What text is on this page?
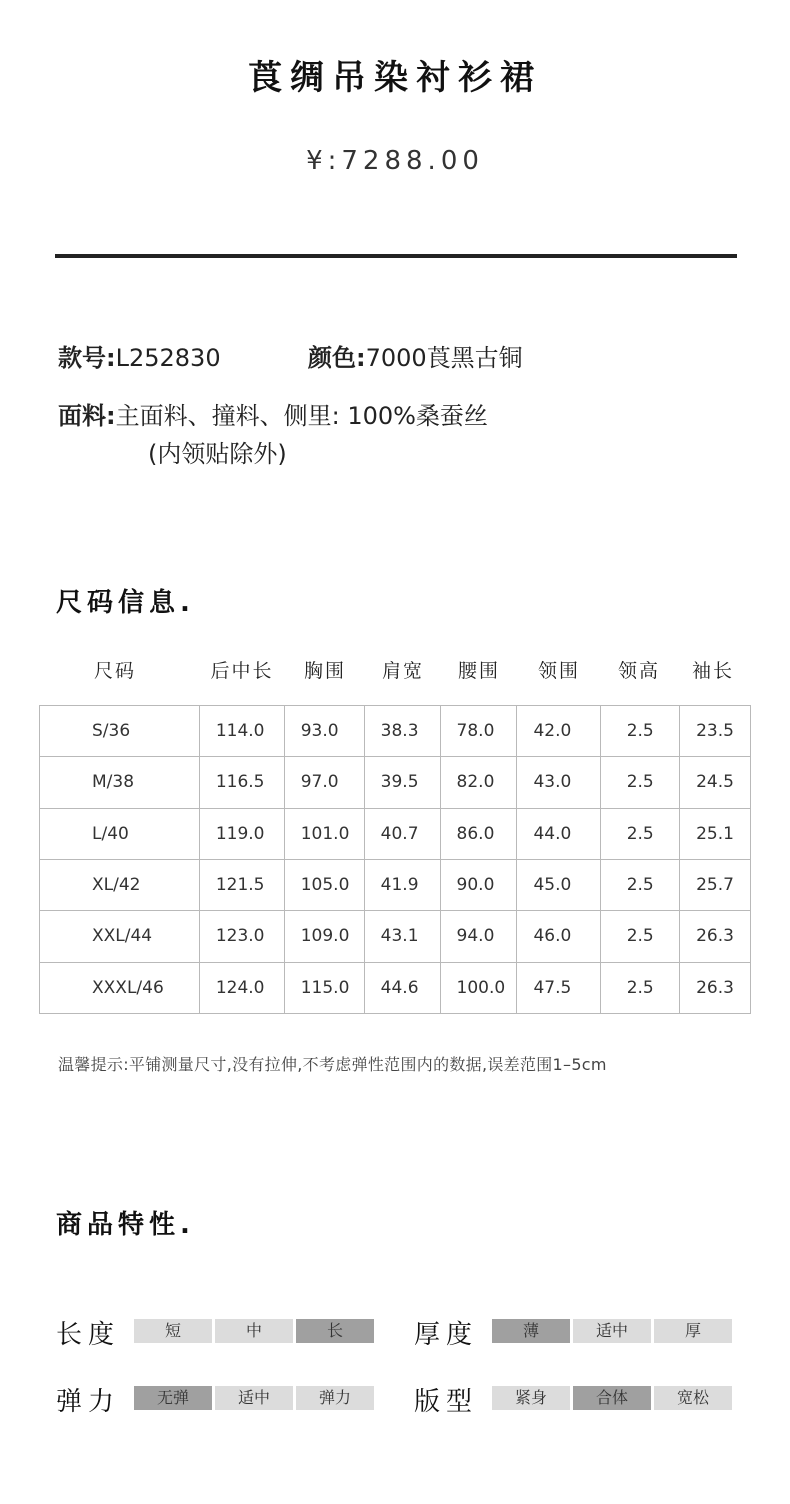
莨绸吊染衬衫裙
¥:7288.00
款号:L252830	颜色:7000莨黑古铜
面料:主面料、撞料、侧里: 100%桑蚕丝
(内领贴除外)
尺码信息.
尺码	后中长	胸围	肩宽	腰围	领围	领高	袖长
S/36	114.0	93.0	38.3	78.0	42.0	2.5	23.5
M/38	116.5	97.0	39.5	82.0	43.0	2.5	24.5
L/40	119.0	101.0	40.7	86.0	44.0	2.5	25.1
XL/42	121.5	105.0	41.9	90.0	45.0	2.5	25.7
XXL/44	123.0	109.0	43.1	94.0	46.0	2.5	26.3
XXXL/46	124.0	115.0	44.6	100.0	47.5	2.5	26.3
温馨提示:平铺测量尺寸,没有拉伸,不考虑弹性范围内的数据,误差范围1–5cm
商品特性.
长度	短	中	长	厚度	薄	适中	厚
弹力	无弹	适中	弹力	版型	紧身	合体	宽松
